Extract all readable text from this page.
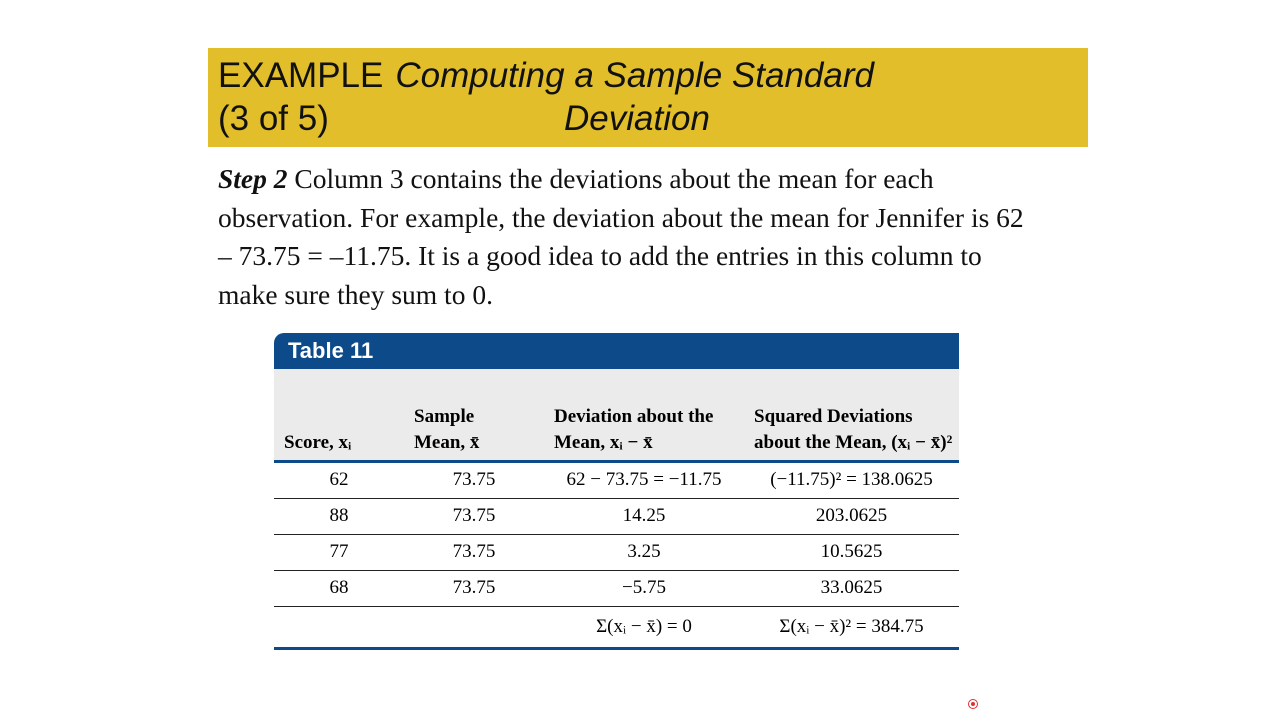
EXAMPLE Computing a Sample Standard
(3 of 5)	Deviation
Step 2 Column 3 contains the deviations about the mean for each observation. For example, the deviation about the mean for Jennifer is 62 – 73.75 = –11.75. It is a good idea to add the entries in this column to make sure they sum to 0.
Table 11
Score, xᵢ	Sample Mean, x̄	Deviation about the Mean, xᵢ − x̄	Squared Deviations about the Mean, (xᵢ − x̄)²
62	73.75	62 − 73.75 = −11.75	(−11.75)² = 138.0625
88	73.75	14.25	203.0625
77	73.75	3.25	10.5625
68	73.75	−5.75	33.0625
		Σ(xᵢ − x̄) = 0	Σ(xᵢ − x̄)² = 384.75
